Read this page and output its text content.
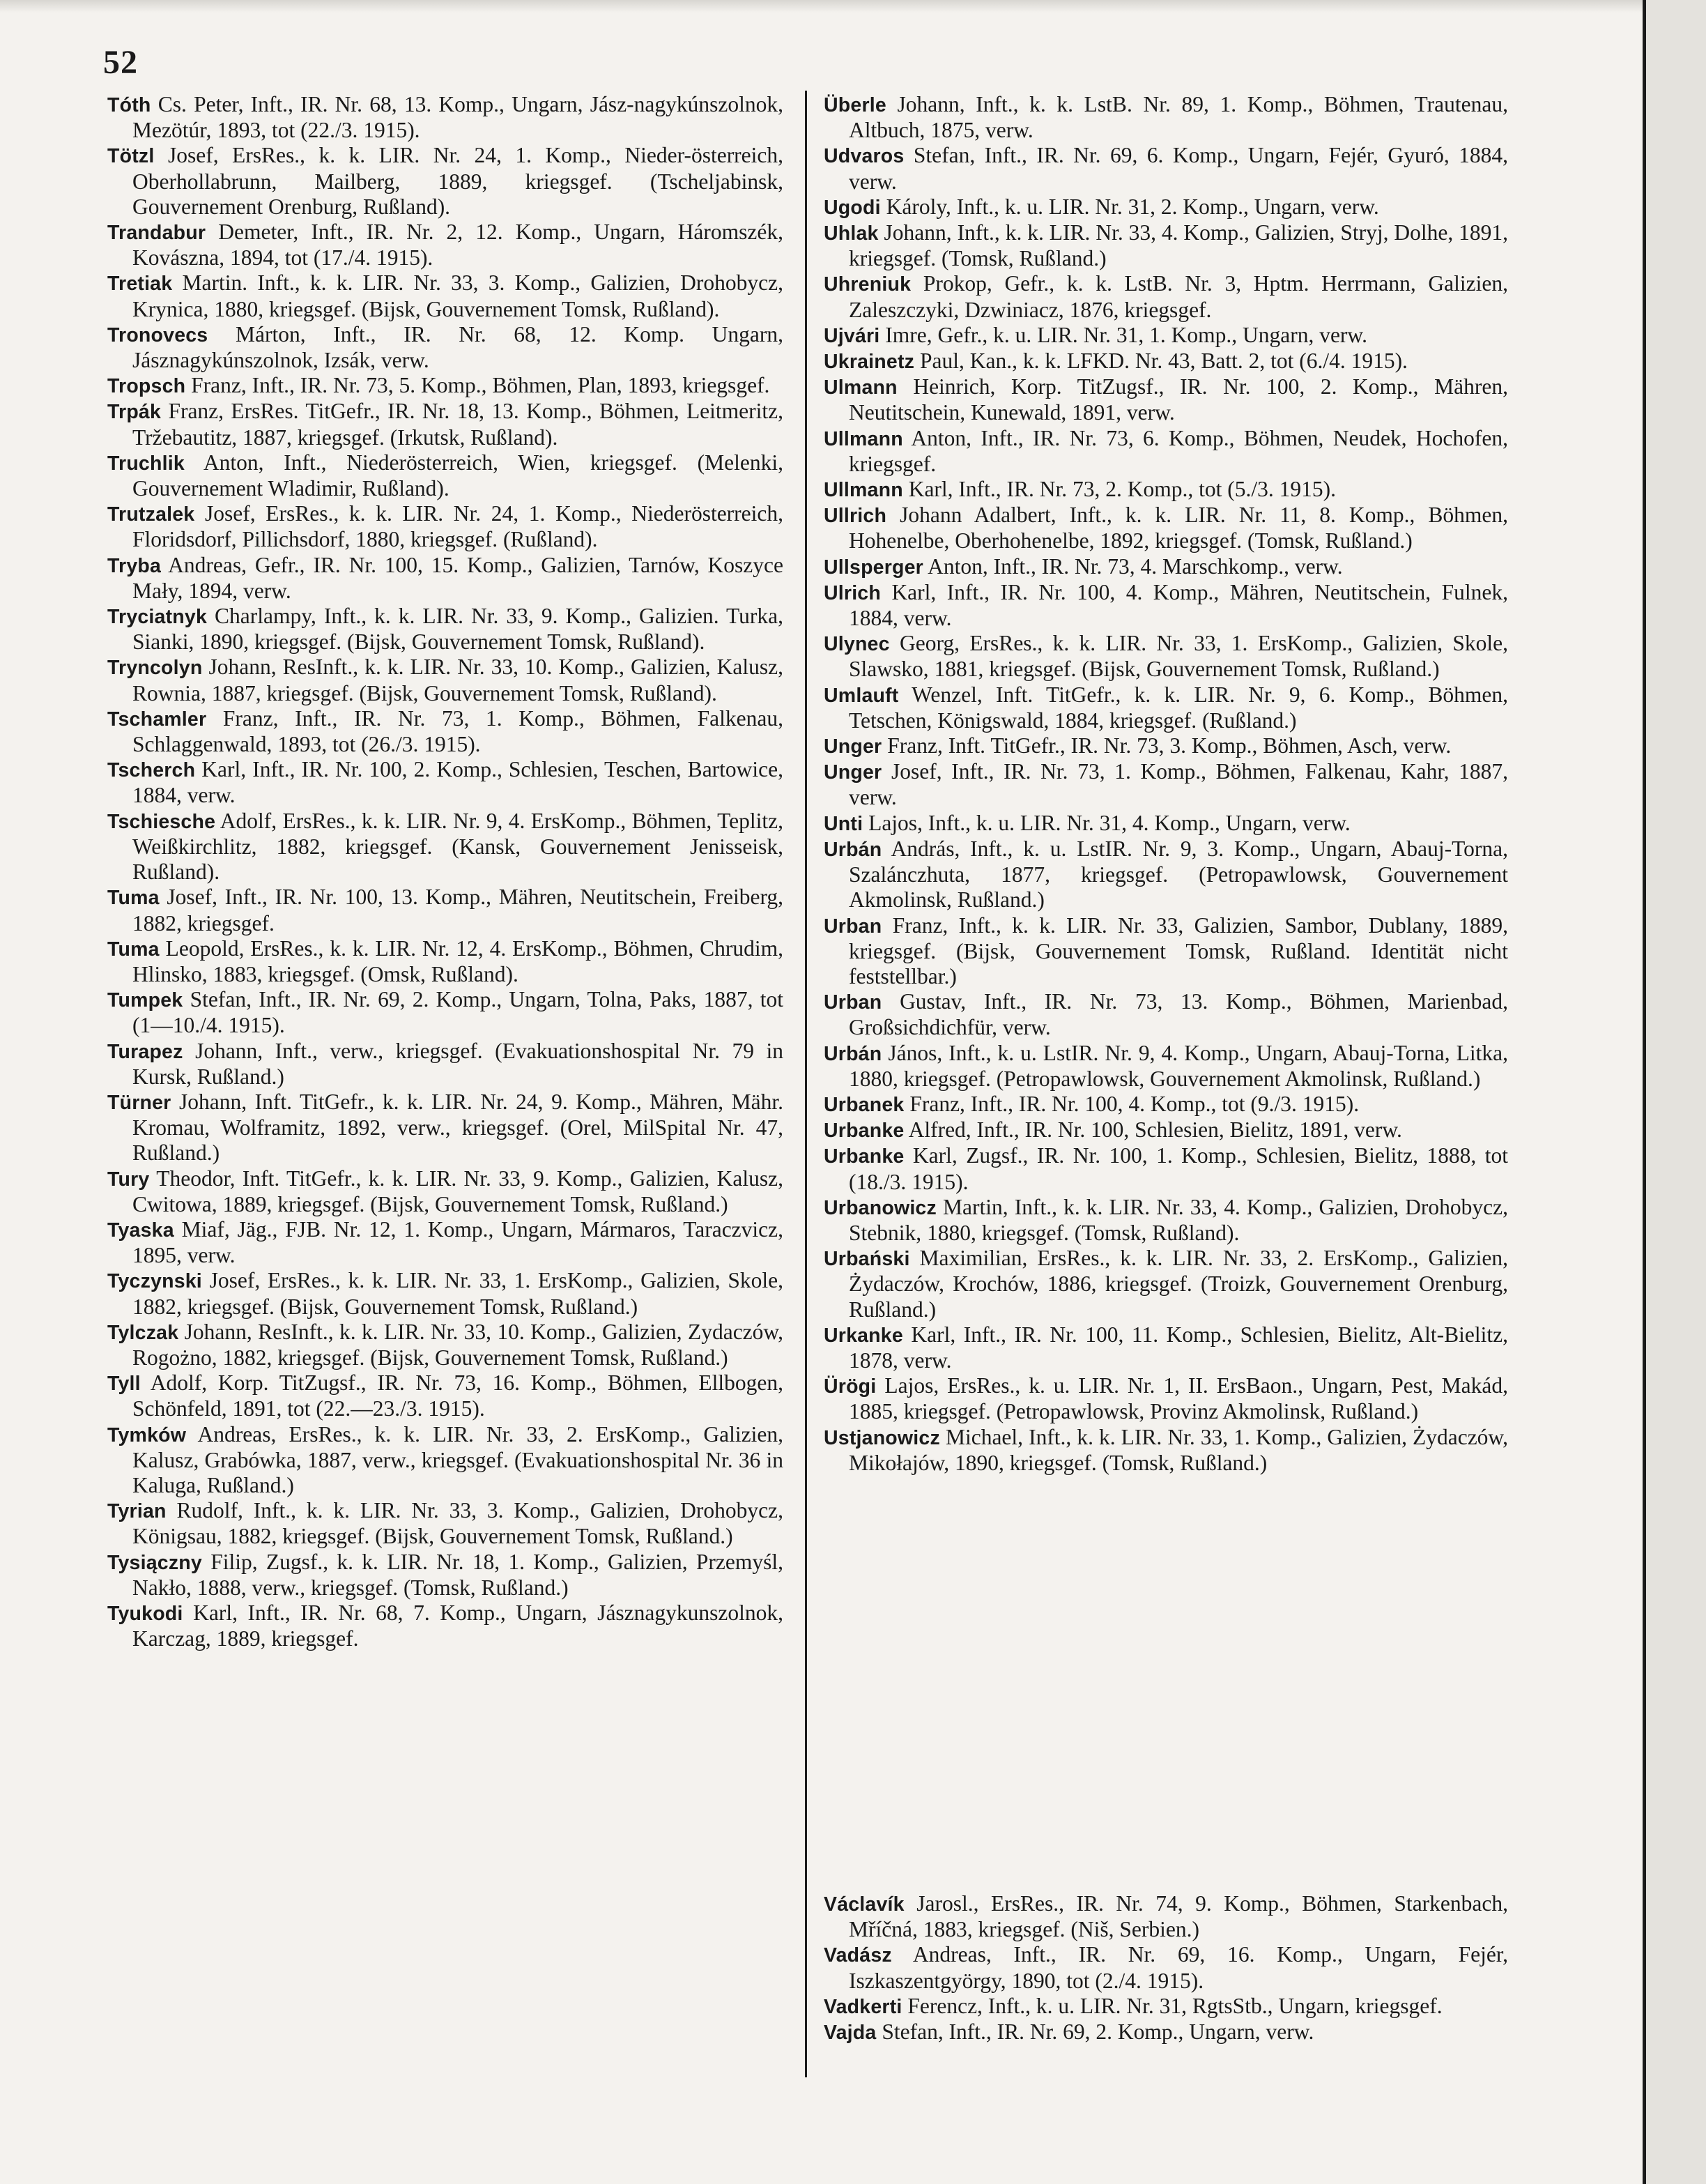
52

Tóth Cs. Peter, Inft., IR. Nr. 68, 13. Komp., Ungarn, Jász-nagykúnszolnok, Mezötúr, 1893, tot (22./3. 1915).

Tötzl Josef, ErsRes., k. k. LIR. Nr. 24, 1. Komp., Nieder-österreich, Oberhollabrunn, Mailberg, 1889, kriegsgef. (Tscheljabinsk, Gouvernement Orenburg, Rußland).

Trandabur Demeter, Inft., IR. Nr. 2, 12. Komp., Ungarn, Háromszék, Kovászna, 1894, tot (17./4. 1915).

Tretiak Martin. Inft., k. k. LIR. Nr. 33, 3. Komp., Galizien, Drohobycz, Krynica, 1880, kriegsgef. (Bijsk, Gouvernement Tomsk, Rußland).

Tronovecs Márton, Inft., IR. Nr. 68, 12. Komp. Ungarn, Jásznagykúnszolnok, Izsák, verw.

Tropsch Franz, Inft., IR. Nr. 73, 5. Komp., Böhmen, Plan, 1893, kriegsgef.

Trpák Franz, ErsRes. TitGefr., IR. Nr. 18, 13. Komp., Böhmen, Leitmeritz, Tržebautitz, 1887, kriegsgef. (Irkutsk, Rußland).

Truchlik Anton, Inft., Niederösterreich, Wien, kriegsgef. (Melenki, Gouvernement Wladimir, Rußland).

Trutzalek Josef, ErsRes., k. k. LIR. Nr. 24, 1. Komp., Niederösterreich, Floridsdorf, Pillichsdorf, 1880, kriegsgef. (Rußland).

Tryba Andreas, Gefr., IR. Nr. 100, 15. Komp., Galizien, Tarnów, Koszyce Mały, 1894, verw.

Tryciatnyk Charlampy, Inft., k. k. LIR. Nr. 33, 9. Komp., Galizien. Turka, Sianki, 1890, kriegsgef. (Bijsk, Gouvernement Tomsk, Rußland).

Tryncolyn Johann, ResInft., k. k. LIR. Nr. 33, 10. Komp., Galizien, Kalusz, Rownia, 1887, kriegsgef. (Bijsk, Gouvernement Tomsk, Rußland).

Tschamler Franz, Inft., IR. Nr. 73, 1. Komp., Böhmen, Falkenau, Schlaggenwald, 1893, tot (26./3. 1915).

Tscherch Karl, Inft., IR. Nr. 100, 2. Komp., Schlesien, Teschen, Bartowice, 1884, verw.

Tschiesche Adolf, ErsRes., k. k. LIR. Nr. 9, 4. ErsKomp., Böhmen, Teplitz, Weißkirchlitz, 1882, kriegsgef. (Kansk, Gouvernement Jenisseisk, Rußland).

Tuma Josef, Inft., IR. Nr. 100, 13. Komp., Mähren, Neutitschein, Freiberg, 1882, kriegsgef.

Tuma Leopold, ErsRes., k. k. LIR. Nr. 12, 4. ErsKomp., Böhmen, Chrudim, Hlinsko, 1883, kriegsgef. (Omsk, Rußland).

Tumpek Stefan, Inft., IR. Nr. 69, 2. Komp., Ungarn, Tolna, Paks, 1887, tot (1—10./4. 1915).

Turapez Johann, Inft., verw., kriegsgef. (Evakuationshospital Nr. 79 in Kursk, Rußland.)

Türner Johann, Inft. TitGefr., k. k. LIR. Nr. 24, 9. Komp., Mähren, Mähr. Kromau, Wolframitz, 1892, verw., kriegsgef. (Orel, MilSpital Nr. 47, Rußland.)

Tury Theodor, Inft. TitGefr., k. k. LIR. Nr. 33, 9. Komp., Galizien, Kalusz, Cwitowa, 1889, kriegsgef. (Bijsk, Gouvernement Tomsk, Rußland.)

Tyaska Miaf, Jäg., FJB. Nr. 12, 1. Komp., Ungarn, Mármaros, Taraczvicz, 1895, verw.

Tyczynski Josef, ErsRes., k. k. LIR. Nr. 33, 1. ErsKomp., Galizien, Skole, 1882, kriegsgef. (Bijsk, Gouvernement Tomsk, Rußland.)

Tylczak Johann, ResInft., k. k. LIR. Nr. 33, 10. Komp., Galizien, Zydaczów, Rogożno, 1882, kriegsgef. (Bijsk, Gouvernement Tomsk, Rußland.)

Tyll Adolf, Korp. TitZugsf., IR. Nr. 73, 16. Komp., Böhmen, Ellbogen, Schönfeld, 1891, tot (22.—23./3. 1915).

Tymków Andreas, ErsRes., k. k. LIR. Nr. 33, 2. ErsKomp., Galizien, Kalusz, Grabówka, 1887, verw., kriegsgef. (Evakuationshospital Nr. 36 in Kaluga, Rußland.)

Tyrian Rudolf, Inft., k. k. LIR. Nr. 33, 3. Komp., Galizien, Drohobycz, Königsau, 1882, kriegsgef. (Bijsk, Gouvernement Tomsk, Rußland.)

Tysiączny Filip, Zugsf., k. k. LIR. Nr. 18, 1. Komp., Galizien, Przemyśl, Nakło, 1888, verw., kriegsgef. (Tomsk, Rußland.)

Tyukodi Karl, Inft., IR. Nr. 68, 7. Komp., Ungarn, Jásznagykunszolnok, Karczag, 1889, kriegsgef.

Überle Johann, Inft., k. k. LstB. Nr. 89, 1. Komp., Böhmen, Trautenau, Altbuch, 1875, verw.

Udvaros Stefan, Inft., IR. Nr. 69, 6. Komp., Ungarn, Fejér, Gyuró, 1884, verw.

Ugodi Károly, Inft., k. u. LIR. Nr. 31, 2. Komp., Ungarn, verw.

Uhlak Johann, Inft., k. k. LIR. Nr. 33, 4. Komp., Galizien, Stryj, Dolhe, 1891, kriegsgef. (Tomsk, Rußland.)

Uhreniuk Prokop, Gefr., k. k. LstB. Nr. 3, Hptm. Herrmann, Galizien, Zaleszczyki, Dzwiniacz, 1876, kriegsgef.

Ujvári Imre, Gefr., k. u. LIR. Nr. 31, 1. Komp., Ungarn, verw.

Ukrainetz Paul, Kan., k. k. LFKD. Nr. 43, Batt. 2, tot (6./4. 1915).

Ulmann Heinrich, Korp. TitZugsf., IR. Nr. 100, 2. Komp., Mähren, Neutitschein, Kunewald, 1891, verw.

Ullmann Anton, Inft., IR. Nr. 73, 6. Komp., Böhmen, Neudek, Hochofen, kriegsgef.

Ullmann Karl, Inft., IR. Nr. 73, 2. Komp., tot (5./3. 1915).

Ullrich Johann Adalbert, Inft., k. k. LIR. Nr. 11, 8. Komp., Böhmen, Hohenelbe, Oberhohenelbe, 1892, kriegsgef. (Tomsk, Rußland.)

Ullsperger Anton, Inft., IR. Nr. 73, 4. Marschkomp., verw.

Ulrich Karl, Inft., IR. Nr. 100, 4. Komp., Mähren, Neutitschein, Fulnek, 1884, verw.

Ulynec Georg, ErsRes., k. k. LIR. Nr. 33, 1. ErsKomp., Galizien, Skole, Slawsko, 1881, kriegsgef. (Bijsk, Gouvernement Tomsk, Rußland.)

Umlauft Wenzel, Inft. TitGefr., k. k. LIR. Nr. 9, 6. Komp., Böhmen, Tetschen, Königswald, 1884, kriegsgef. (Rußland.)

Unger Franz, Inft. TitGefr., IR. Nr. 73, 3. Komp., Böhmen, Asch, verw.

Unger Josef, Inft., IR. Nr. 73, 1. Komp., Böhmen, Falkenau, Kahr, 1887, verw.

Unti Lajos, Inft., k. u. LIR. Nr. 31, 4. Komp., Ungarn, verw.

Urbán András, Inft., k. u. LstIR. Nr. 9, 3. Komp., Ungarn, Abauj-Torna, Szalánczhuta, 1877, kriegsgef. (Petropawlowsk, Gouvernement Akmolinsk, Rußland.)

Urban Franz, Inft., k. k. LIR. Nr. 33, Galizien, Sambor, Dublany, 1889, kriegsgef. (Bijsk, Gouvernement Tomsk, Rußland. Identität nicht feststellbar.)

Urban Gustav, Inft., IR. Nr. 73, 13. Komp., Böhmen, Marienbad, Großsichdichfür, verw.

Urbán János, Inft., k. u. LstIR. Nr. 9, 4. Komp., Ungarn, Abauj-Torna, Litka, 1880, kriegsgef. (Petropawlowsk, Gouvernement Akmolinsk, Rußland.)

Urbanek Franz, Inft., IR. Nr. 100, 4. Komp., tot (9./3. 1915).

Urbanke Alfred, Inft., IR. Nr. 100, Schlesien, Bielitz, 1891, verw.

Urbanke Karl, Zugsf., IR. Nr. 100, 1. Komp., Schlesien, Bielitz, 1888, tot (18./3. 1915).

Urbanowicz Martin, Inft., k. k. LIR. Nr. 33, 4. Komp., Galizien, Drohobycz, Stebnik, 1880, kriegsgef. (Tomsk, Rußland).

Urbański Maximilian, ErsRes., k. k. LIR. Nr. 33, 2. ErsKomp., Galizien, Żydaczów, Krochów, 1886, kriegsgef. (Troizk, Gouvernement Orenburg, Rußland.)

Urkanke Karl, Inft., IR. Nr. 100, 11. Komp., Schlesien, Bielitz, Alt-Bielitz, 1878, verw.

Ürögi Lajos, ErsRes., k. u. LIR. Nr. 1, II. ErsBaon., Ungarn, Pest, Makád, 1885, kriegsgef. (Petropawlowsk, Provinz Akmolinsk, Rußland.)

Ustjanowicz Michael, Inft., k. k. LIR. Nr. 33, 1. Komp., Galizien, Żydaczów, Mikołajów, 1890, kriegsgef. (Tomsk, Rußland.)

Václavík Jarosl., ErsRes., IR. Nr. 74, 9. Komp., Böhmen, Starkenbach, Mříčná, 1883, kriegsgef. (Niš, Serbien.)

Vadász Andreas, Inft., IR. Nr. 69, 16. Komp., Ungarn, Fejér, Iszkaszentgyörgy, 1890, tot (2./4. 1915).

Vadkerti Ferencz, Inft., k. u. LIR. Nr. 31, RgtsStb., Ungarn, kriegsgef.

Vajda Stefan, Inft., IR. Nr. 69, 2. Komp., Ungarn, verw.
